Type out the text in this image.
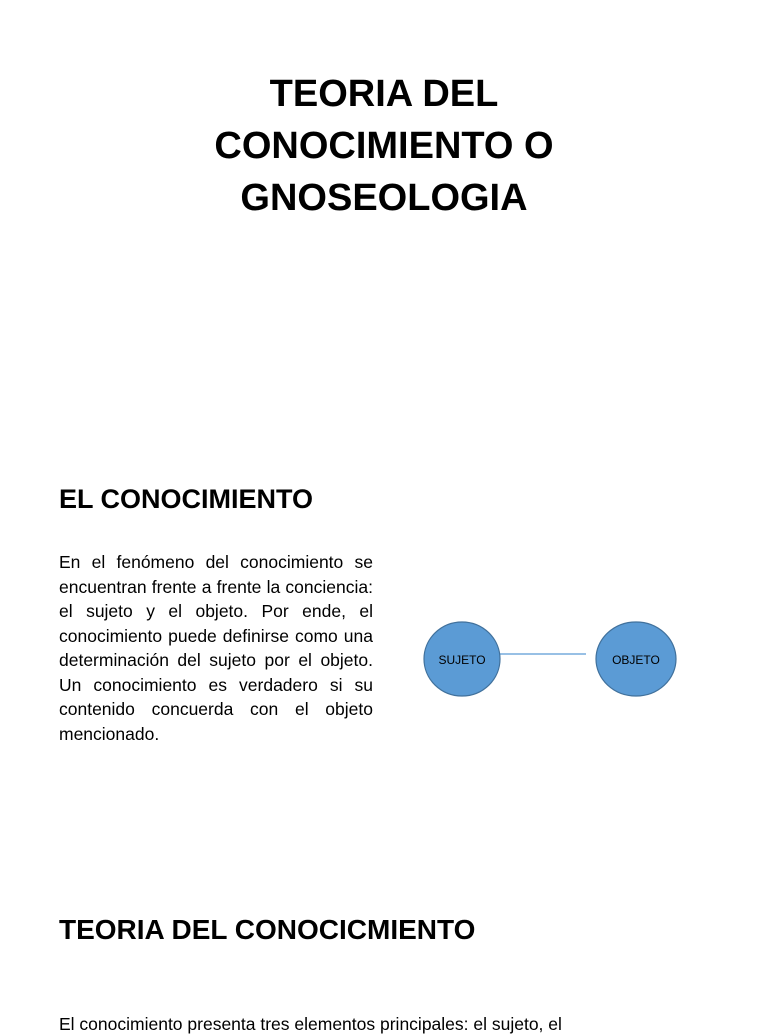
TEORIA DEL
CONOCIMIENTO O
GNOSEOLOGIA
EL CONOCIMIENTO

En el fenómeno del conocimiento se encuentran frente a frente la conciencia: el sujeto y el objeto. Por ende, el conocimiento puede definirse como una determinación del sujeto por el objeto. Un conocimiento es verdadero si su contenido concuerda con el objeto mencionado.

SUJETO	OBJETO
TEORIA DEL CONOCICMIENTO

El conocimiento presenta tres elementos principales: el sujeto, el
